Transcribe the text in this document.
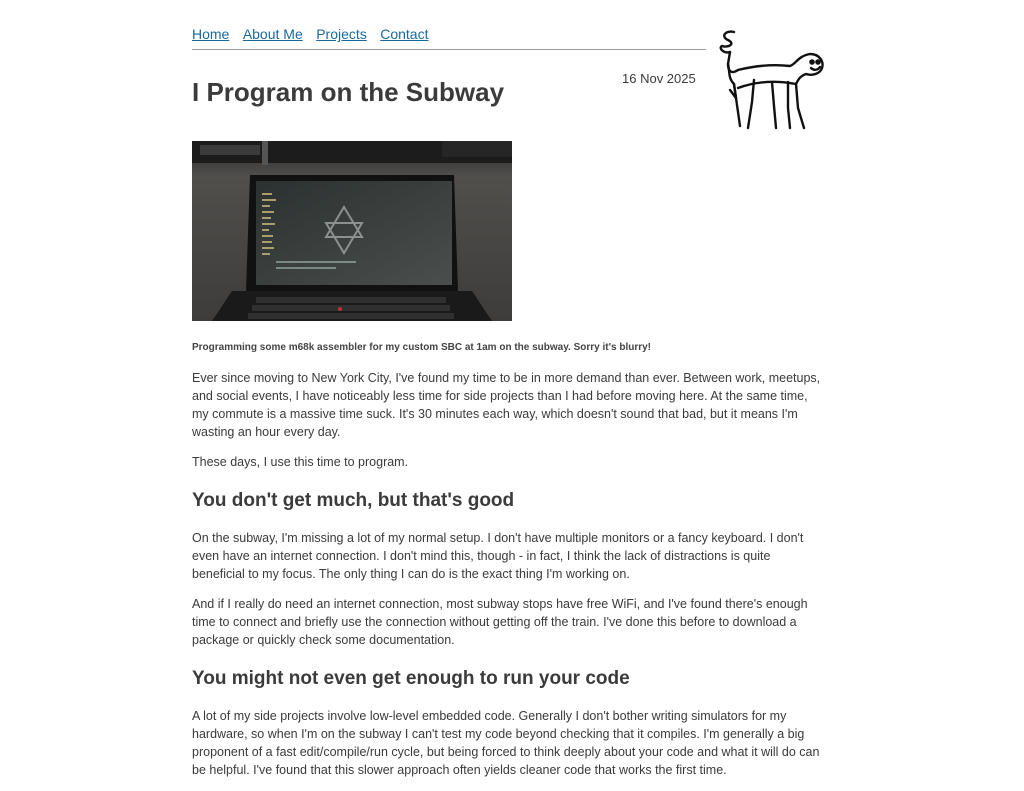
Home About Me Projects Contact
16 Nov 2025
I Program on the Subway
Programming some m68k assembler for my custom SBC at 1am on the subway. Sorry it's blurry!

Ever since moving to New York City, I've found my time to be in more demand than ever. Between work, meetups, and social events, I have noticeably less time for side projects than I had before moving here. At the same time, my commute is a massive time suck. It's 30 minutes each way, which doesn't sound that bad, but it means I'm wasting an hour every day.

These days, I use this time to program.

You don't get much, but that's good

On the subway, I'm missing a lot of my normal setup. I don't have multiple monitors or a fancy keyboard. I don't even have an internet connection. I don't mind this, though - in fact, I think the lack of distractions is quite beneficial to my focus. The only thing I can do is the exact thing I'm working on.

And if I really do need an internet connection, most subway stops have free WiFi, and I've found there's enough time to connect and briefly use the connection without getting off the train. I've done this before to download a package or quickly check some documentation.

You might not even get enough to run your code

A lot of my side projects involve low-level embedded code. Generally I don't bother writing simulators for my hardware, so when I'm on the subway I can't test my code beyond checking that it compiles. I'm generally a big proponent of a fast edit/compile/run cycle, but being forced to think deeply about your code and what it will do can be helpful. I've found that this slower approach often yields cleaner code that works the first time.
